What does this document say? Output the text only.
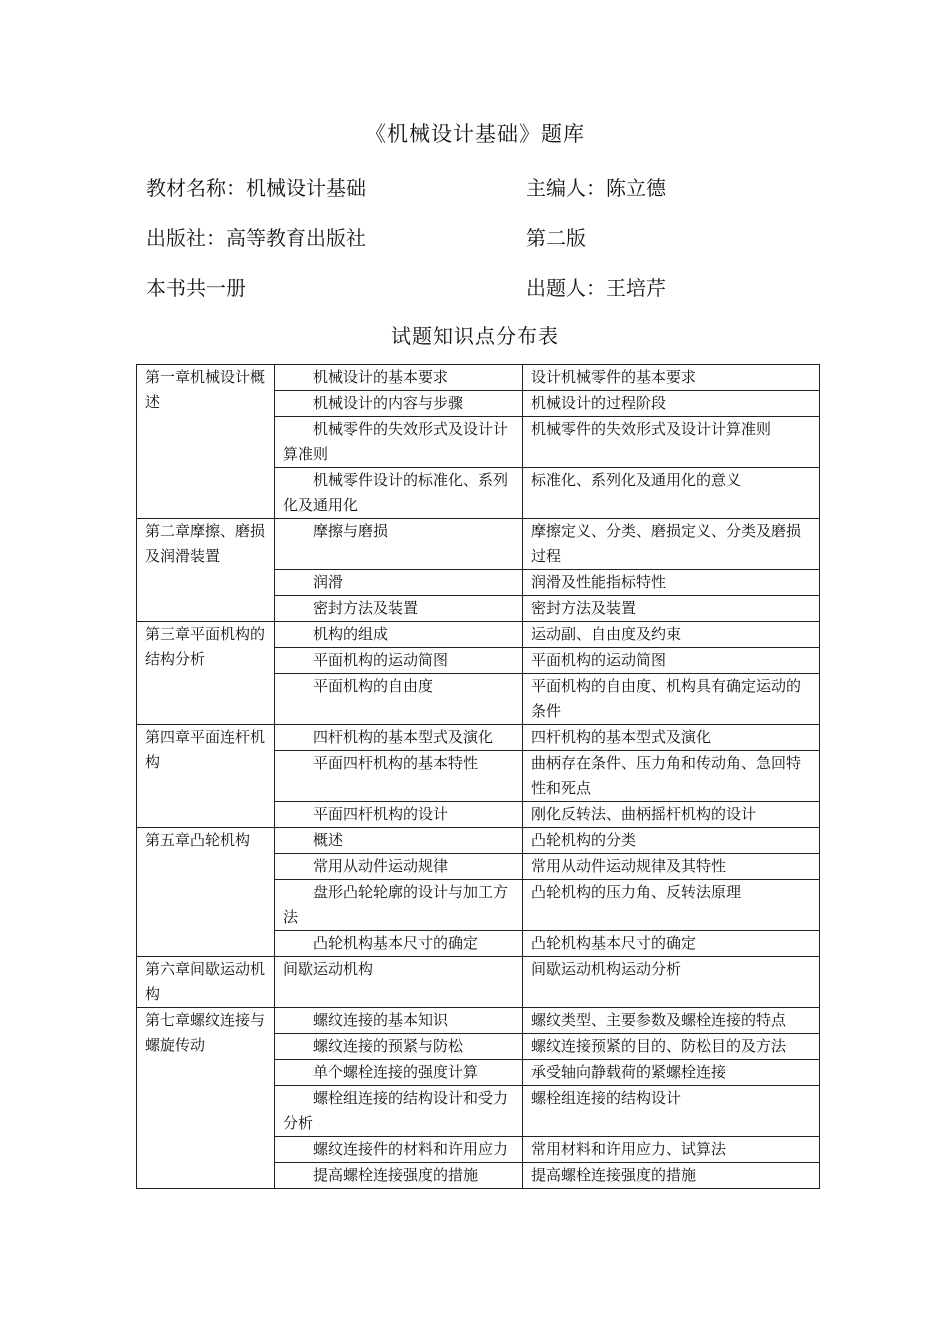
《机械设计基础》题库
教材名称：机械设计基础	主编人：陈立德
出版社：高等教育出版社	第二版
本书共一册	出题人：王培芹
试题知识点分布表
第一章机械设计概述	机械设计的基本要求	设计机械零件的基本要求
	机械设计的内容与步骤	机械设计的过程阶段
	机械零件的失效形式及设计计算准则	机械零件的失效形式及设计计算准则
	机械零件设计的标准化、系列化及通用化	标准化、系列化及通用化的意义
第二章摩擦、磨损及润滑装置	摩擦与磨损	摩擦定义、分类、磨损定义、分类及磨损过程
	润滑	润滑及性能指标特性
	密封方法及装置	密封方法及装置
第三章平面机构的结构分析	机构的组成	运动副、自由度及约束
	平面机构的运动简图	平面机构的运动简图
	平面机构的自由度	平面机构的自由度、机构具有确定运动的条件
第四章平面连杆机构	四杆机构的基本型式及演化	四杆机构的基本型式及演化
	平面四杆机构的基本特性	曲柄存在条件、压力角和传动角、急回特性和死点
	平面四杆机构的设计	刚化反转法、曲柄摇杆机构的设计
第五章凸轮机构	概述	凸轮机构的分类
	常用从动件运动规律	常用从动件运动规律及其特性
	盘形凸轮轮廓的设计与加工方法	凸轮机构的压力角、反转法原理
	凸轮机构基本尺寸的确定	凸轮机构基本尺寸的确定
第六章间歇运动机构	间歇运动机构	间歇运动机构运动分析
第七章螺纹连接与螺旋传动	螺纹连接的基本知识	螺纹类型、主要参数及螺栓连接的特点
	螺纹连接的预紧与防松	螺纹连接预紧的目的、防松目的及方法
	单个螺栓连接的强度计算	承受轴向静载荷的紧螺栓连接
	螺栓组连接的结构设计和受力分析	螺栓组连接的结构设计
	螺纹连接件的材料和许用应力	常用材料和许用应力、试算法
	提高螺栓连接强度的措施	提高螺栓连接强度的措施
